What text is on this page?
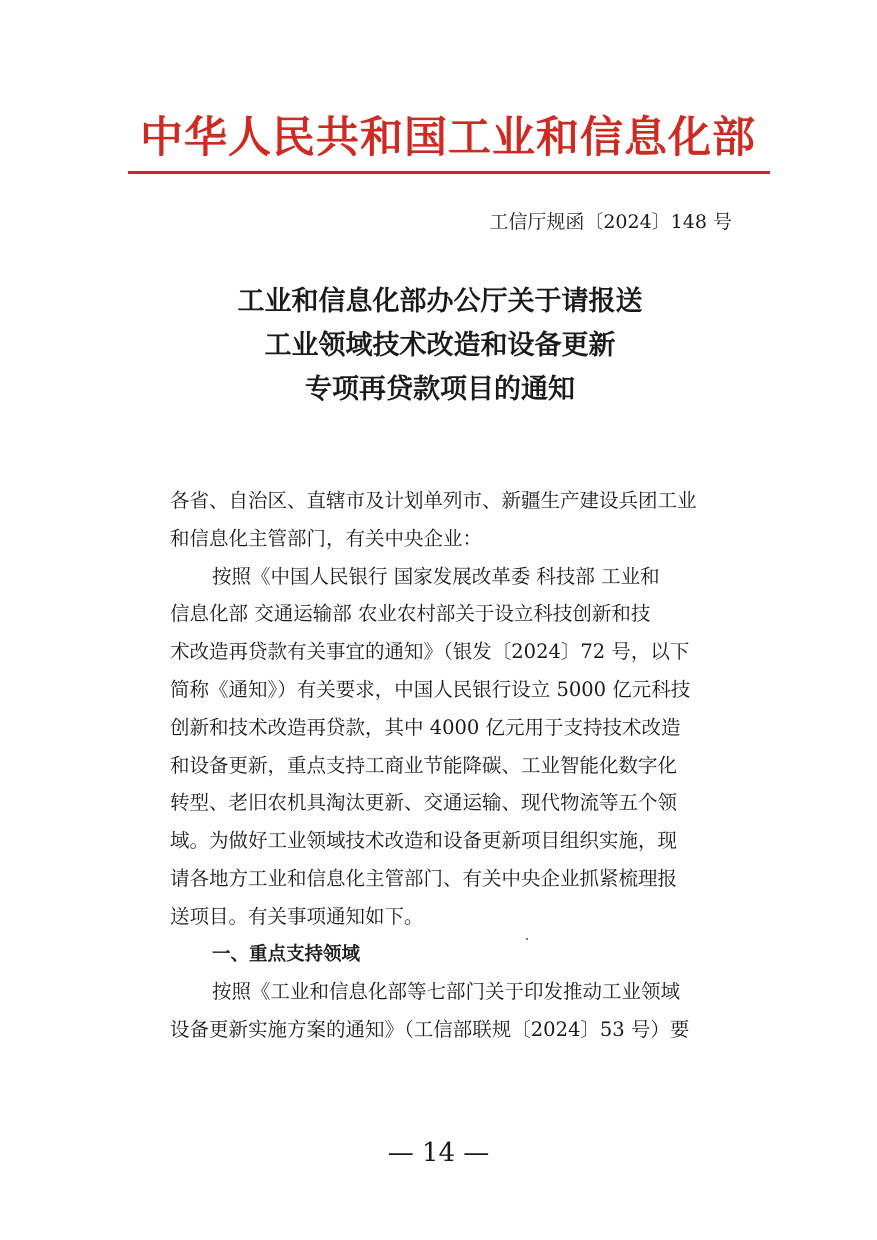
中华人民共和国工业和信息化部
工信厅规函〔2024〕148 号
工业和信息化部办公厅关于请报送
工业领域技术改造和设备更新
专项再贷款项目的通知
各省、自治区、直辖市及计划单列市、新疆生产建设兵团工业
和信息化主管部门，有关中央企业：
按照《中国人民银行 国家发展改革委 科技部 工业和
信息化部 交通运输部 农业农村部关于设立科技创新和技
术改造再贷款有关事宜的通知》（银发〔2024〕72 号，以下
简称《通知》）有关要求，中国人民银行设立 5000 亿元科技
创新和技术改造再贷款，其中 4000 亿元用于支持技术改造
和设备更新，重点支持工商业节能降碳、工业智能化数字化
转型、老旧农机具淘汰更新、交通运输、现代物流等五个领
域。为做好工业领域技术改造和设备更新项目组织实施，现
请各地方工业和信息化主管部门、有关中央企业抓紧梳理报
送项目。有关事项通知如下。
一、重点支持领域
按照《工业和信息化部等七部门关于印发推动工业领域
设备更新实施方案的通知》（工信部联规〔2024〕53 号）要
— 14 —
